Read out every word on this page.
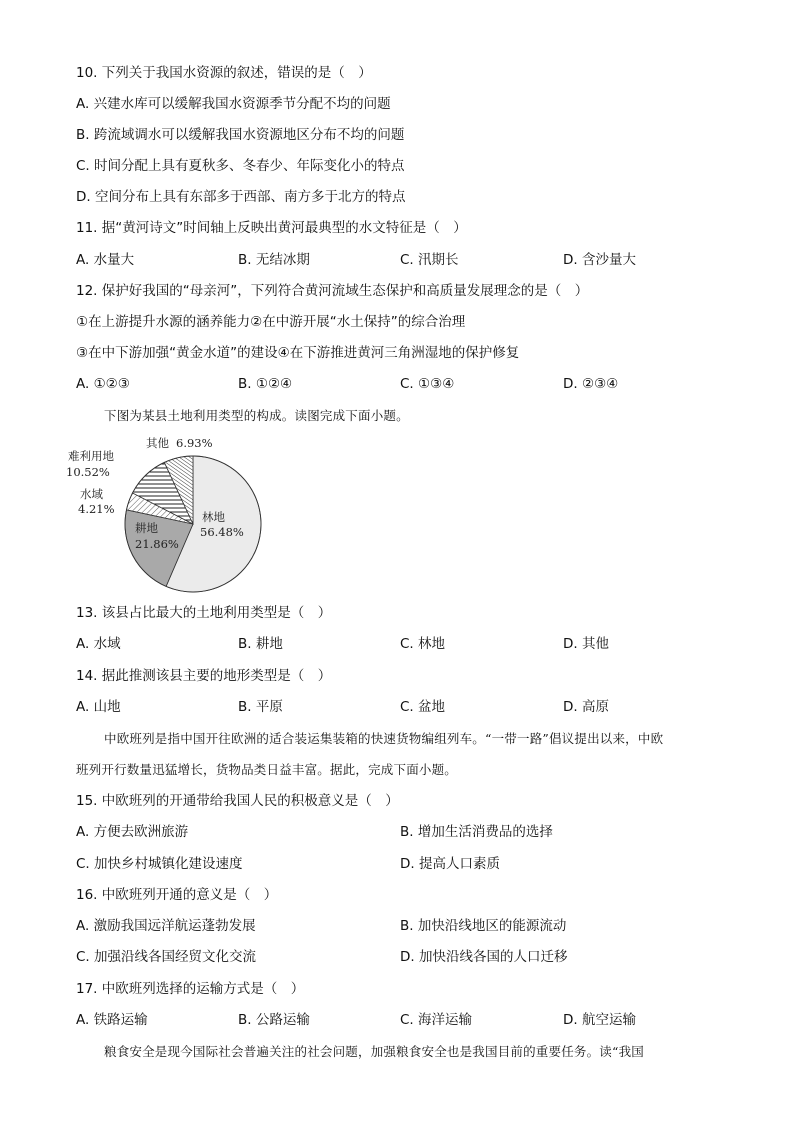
10. 下列关于我国水资源的叙述，错误的是（　）
A. 兴建水库可以缓解我国水资源季节分配不均的问题
B. 跨流域调水可以缓解我国水资源地区分布不均的问题
C. 时间分配上具有夏秋多、冬春少、年际变化小的特点
D. 空间分布上具有东部多于西部、南方多于北方的特点
11. 据“黄河诗文”时间轴上反映出黄河最典型的水文特征是（　）
A. 水量大	B. 无结冰期	C. 汛期长	D. 含沙量大
12. 保护好我国的“母亲河”，下列符合黄河流域生态保护和高质量发展理念的是（　）
①在上游提升水源的涵养能力②在中游开展“水土保持”的综合治理
③在中下游加强“黄金水道”的建设④在下游推进黄河三角洲湿地的保护修复
A. ①②③	B. ①②④	C. ①③④	D. ②③④
下图为某县土地利用类型的构成。读图完成下面小题。
林地
56.48%
耕地
21.86%
水域
4.21%
难利用地
10.52%
其他 6.93%
13. 该县占比最大的土地利用类型是（　）
A. 水域	B. 耕地	C. 林地	D. 其他
14. 据此推测该县主要的地形类型是（　）
A. 山地	B. 平原	C. 盆地	D. 高原
中欧班列是指中国开往欧洲的适合装运集装箱的快速货物编组列车。“一带一路”倡议提出以来，中欧
班列开行数量迅猛增长，货物品类日益丰富。据此，完成下面小题。
15. 中欧班列的开通带给我国人民的积极意义是（　）
A. 方便去欧洲旅游	B. 增加生活消费品的选择
C. 加快乡村城镇化建设速度	D. 提高人口素质
16. 中欧班列开通的意义是（　）
A. 激励我国远洋航运蓬勃发展	B. 加快沿线地区的能源流动
C. 加强沿线各国经贸文化交流	D. 加快沿线各国的人口迁移
17. 中欧班列选择的运输方式是（　）
A. 铁路运输	B. 公路运输	C. 海洋运输	D. 航空运输
粮食安全是现今国际社会普遍关注的社会问题，加强粮食安全也是我国目前的重要任务。读“我国
